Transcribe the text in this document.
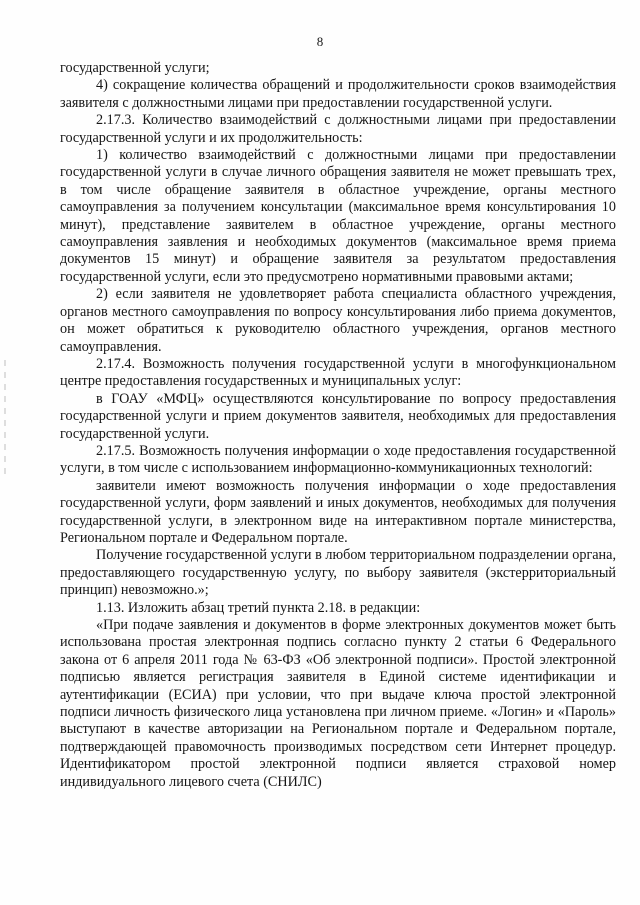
8

государственной услуги;

4) сокращение количества обращений и продолжительности сроков взаимодействия заявителя с должностными лицами при предоставлении государственной услуги.

2.17.3. Количество взаимодействий с должностными лицами при предоставлении государственной услуги и их продолжительность:

1) количество взаимодействий с должностными лицами при предоставлении государственной услуги в случае личного обращения заявителя не может превышать трех, в том числе обращение заявителя в областное учреждение, органы местного самоуправления за получением консультации (максимальное время консультирования 10 минут), представление заявителем в областное учреждение, органы местного самоуправления заявления и необходимых документов (максимальное время приема документов 15 минут) и обращение заявителя за результатом предоставления государственной услуги, если это предусмотрено нормативными правовыми актами;

2) если заявителя не удовлетворяет работа специалиста областного учреждения, органов местного самоуправления по вопросу консультирования либо приема документов, он может обратиться к руководителю областного учреждения, органов местного самоуправления.

2.17.4. Возможность получения государственной услуги в многофункциональном центре предоставления государственных и муниципальных услуг:

в ГОАУ «МФЦ» осуществляются консультирование по вопросу предоставления государственной услуги и прием документов заявителя, необходимых для предоставления государственной услуги.

2.17.5. Возможность получения информации о ходе предоставления государственной услуги, в том числе с использованием информационно-коммуникационных технологий:

заявители имеют возможность получения информации о ходе предоставления государственной услуги, форм заявлений и иных документов, необходимых для получения государственной услуги, в электронном виде на интерактивном портале министерства, Региональном портале и Федеральном портале.

Получение государственной услуги в любом территориальном подразделении органа, предоставляющего государственную услугу, по выбору заявителя (экстерриториальный принцип) невозможно.»;

1.13. Изложить абзац третий пункта 2.18. в редакции:

«При подаче заявления и документов в форме электронных документов может быть использована простая электронная подпись согласно пункту 2 статьи 6 Федерального закона от 6 апреля 2011 года № 63-ФЗ «Об электронной подписи». Простой электронной подписью является регистрация заявителя в Единой системе идентификации и аутентификации (ЕСИА) при условии, что при выдаче ключа простой электронной подписи личность физического лица установлена при личном приеме. «Логин» и «Пароль» выступают в качестве авторизации на Региональном портале и Федеральном портале, подтверждающей правомочность производимых посредством сети Интернет процедур. Идентификатором простой электронной подписи является страховой номер индивидуального лицевого счета (СНИЛС)
